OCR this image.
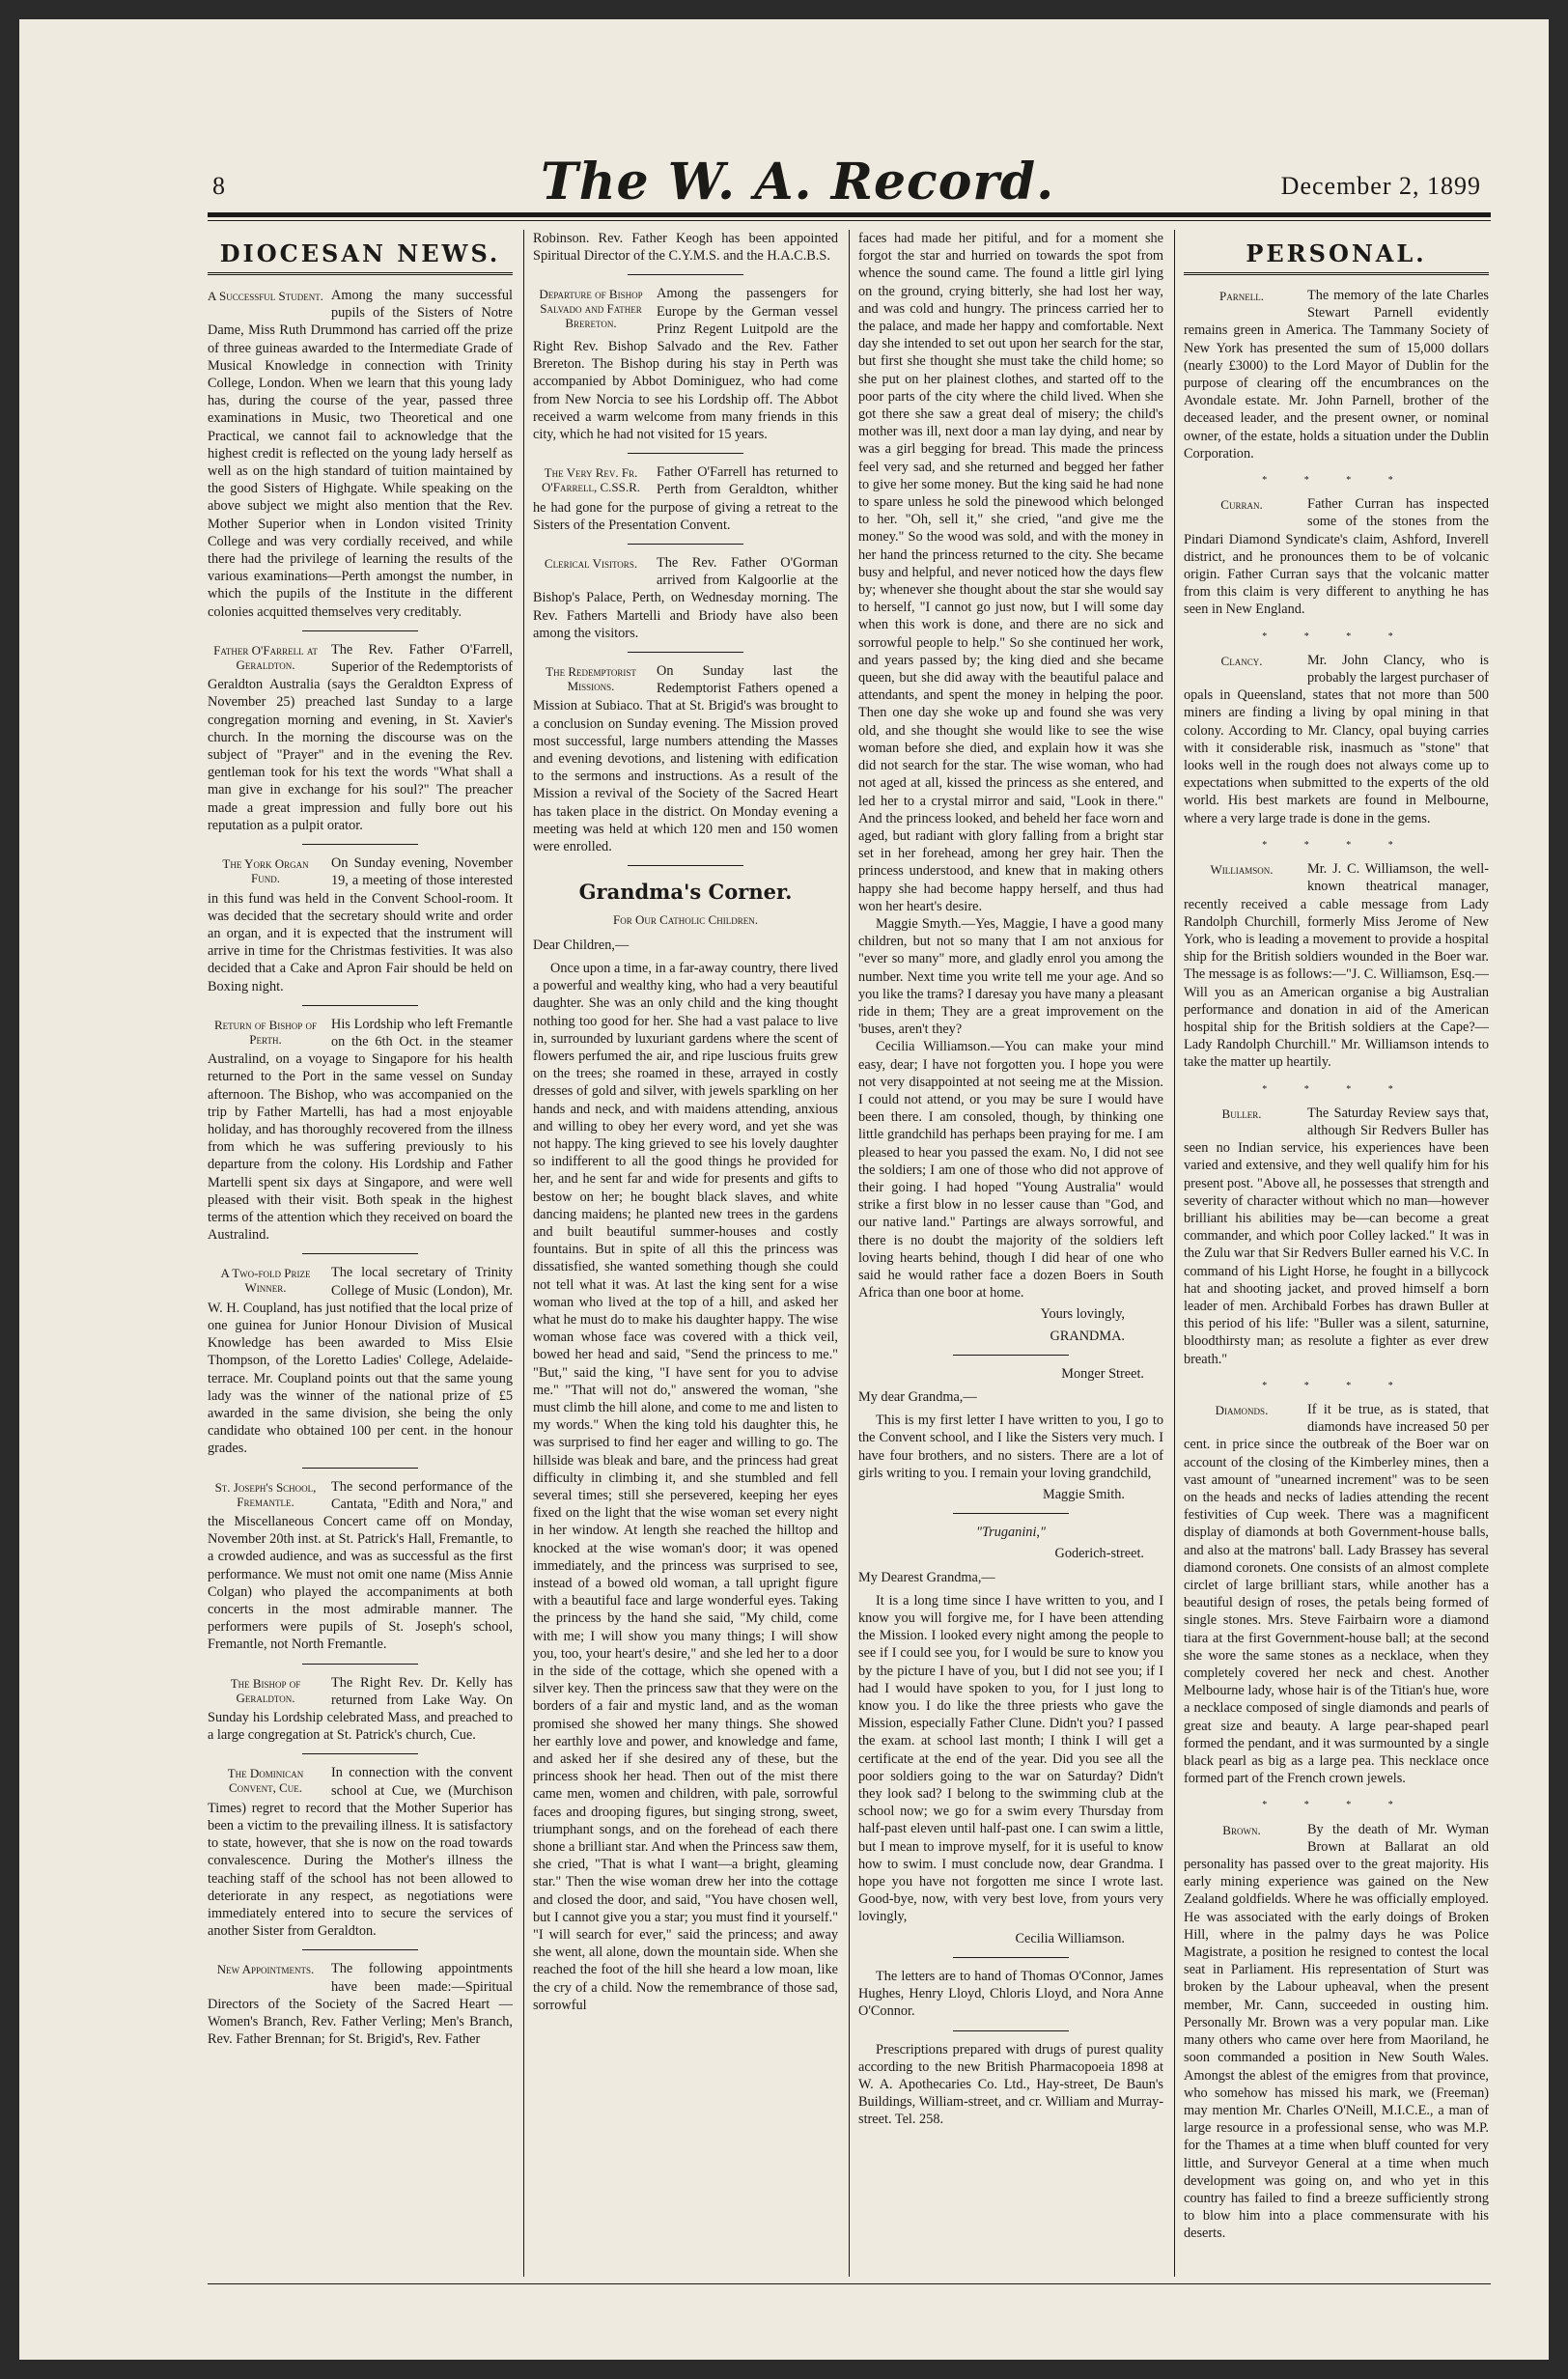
8	The W. A. Record.	December 2, 1899
DIOCESAN NEWS.
A Successful Student. Among the many successful pupils of the Sisters of Notre Dame, Miss Ruth Drummond has carried off the prize of three guineas awarded to the Intermediate Grade of Musical Knowledge in connection with Trinity College, London. When we learn that this young lady has, during the course of the year, passed three examinations in Music, two Theoretical and one Practical, we cannot fail to acknowledge that the highest credit is reflected on the young lady herself as well as on the high standard of tuition maintained by the good Sisters of Highgate. While speaking on the above subject we might also mention that the Rev. Mother Superior when in London visited Trinity College and was very cordially received, and while there had the privilege of learning the results of the various examinations—Perth amongst the number, in which the pupils of the Institute in the different colonies acquitted themselves very creditably.

Father O'Farrell at Geraldton.

The Rev. Father O'Farrell, Superior of the Redemptorists of Geraldton Australia (says the Geraldton Express of November 25) preached last Sunday to a large congregation morning and evening, in St. Xavier's church. In the morning the discourse was on the subject of "Prayer" and in the evening the Rev. gentleman took for his text the words "What shall a man give in exchange for his soul?" The preacher made a great impression and fully bore out his reputation as a pulpit orator.

The York Organ Fund.

On Sunday evening, November 19, a meeting of those interested in this fund was held in the Convent School-room. It was decided that the secretary should write and order an organ, and it is expected that the instrument will arrive in time for the Christmas festivities. It was also decided that a Cake and Apron Fair should be held on Boxing night.

Return of Bishop of Perth.

His Lordship who left Fremantle on the 6th Oct. in the steamer Australind, on a voyage to Singapore for his health returned to the Port in the same vessel on Sunday afternoon. The Bishop, who was accompanied on the trip by Father Martelli, has had a most enjoyable holiday, and has thoroughly recovered from the illness from which he was suffering previously to his departure from the colony. His Lordship and Father Martelli spent six days at Singapore, and were well pleased with their visit. Both speak in the highest terms of the attention which they received on board the Australind.

A Two-fold Prize Winner.

The local secretary of Trinity College of Music (London), Mr. W. H. Coupland, has just notified that the local prize of one guinea for Junior Honour Division of Musical Knowledge has been awarded to Miss Elsie Thompson, of the Loretto Ladies' College, Adelaide-terrace. Mr. Coupland points out that the same young lady was the winner of the national prize of £5 awarded in the same division, she being the only candidate who obtained 100 per cent. in the honour grades.

St. Joseph's School, Fremantle.

The second performance of the Cantata, "Edith and Nora," and the Miscellaneous Concert came off on Monday, November 20th inst. at St. Patrick's Hall, Fremantle, to a crowded audience, and was as successful as the first performance. We must not omit one name (Miss Annie Colgan) who played the accompaniments at both concerts in the most admirable manner. The performers were pupils of St. Joseph's school, Fremantle, not North Fremantle.

The Bishop of Geraldton.

The Right Rev. Dr. Kelly has returned from Lake Way. On Sunday his Lordship celebrated Mass, and preached to a large congregation at St. Patrick's church, Cue.

The Dominican Convent, Cue.

In connection with the convent school at Cue, we (Murchison Times) regret to record that the Mother Superior has been a victim to the prevailing illness. It is satisfactory to state, however, that she is now on the road towards convalescence. During the Mother's illness the teaching staff of the school has not been allowed to deteriorate in any respect, as negotiations were immediately entered into to secure the services of another Sister from Geraldton.

New Appointments.	The following appointments have been made:—Spiritual Directors of the Society of the Sacred Heart — Women's Branch, Rev. Father Verling; Men's Branch, Rev. Father Brennan; for St. Brigid's, Rev. Father

Robinson. Rev. Father Keogh has been appointed Spiritual Director of the C.Y.M.S. and the H.A.C.B.S.

Departure of Bishop Salvado and Father Brereton.

Among the passengers for Europe by the German vessel Prinz Regent Luitpold are the Right Rev. Bishop Salvado and the Rev. Father Brereton. The Bishop during his stay in Perth was accompanied by Abbot Dominiguez, who had come from New Norcia to see his Lordship off. The Abbot received a warm welcome from many friends in this city, which he had not visited for 15 years.

The Very Rev. Fr. O'Farrell, C.SS.R.

Father O'Farrell has returned to Perth from Geraldton, whither he had gone for the purpose of giving a retreat to the Sisters of the Presentation Convent.

Clerical Visitors.	The Rev. Father O'Gorman arrived from Kalgoorlie at the Bishop's Palace, Perth, on Wednesday morning. The Rev. Fathers Martelli and Briody have also been among the visitors.

The Redemptorist Missions.

On Sunday last the Redemptorist Fathers opened a Mission at Subiaco. That at St. Brigid's was brought to a conclusion on Sunday evening. The Mission proved most successful, large numbers attending the Masses and evening devotions, and listening with edification to the sermons and instructions. As a result of the Mission a revival of the Society of the Sacred Heart has taken place in the district. On Monday evening a meeting was held at which 120 men and 150 women were enrolled.

Grandma's Corner.
For Our Catholic Children.
Dear Children,—

Once upon a time, in a far-away country, there lived a powerful and wealthy king, who had a very beautiful daughter. She was an only child and the king thought nothing too good for her. She had a vast palace to live in, surrounded by luxuriant gardens where the scent of flowers perfumed the air, and ripe luscious fruits grew on the trees; she roamed in these, arrayed in costly dresses of gold and silver, with jewels sparkling on her hands and neck, and with maidens attending, anxious and willing to obey her every word, and yet she was not happy. The king grieved to see his lovely daughter so indifferent to all the good things he provided for her, and he sent far and wide for presents and gifts to bestow on her; he bought black slaves, and white dancing maidens; he planted new trees in the gardens and built beautiful summer-houses and costly fountains. But in spite of all this the princess was dissatisfied, she wanted something though she could not tell what it was. At last the king sent for a wise woman who lived at the top of a hill, and asked her what he must do to make his daughter happy. The wise woman whose face was covered with a thick veil, bowed her head and said, "Send the princess to me." "But," said the king, "I have sent for you to advise me." "That will not do," answered the woman, "she must climb the hill alone, and come to me and listen to my words." When the king told his daughter this, he was surprised to find her eager and willing to go. The hillside was bleak and bare, and the princess had great difficulty in climbing it, and she stumbled and fell several times; still she persevered, keeping her eyes fixed on the light that the wise woman set every night in her window. At length she reached the hilltop and knocked at the wise woman's door; it was opened immediately, and the princess was surprised to see, instead of a bowed old woman, a tall upright figure with a beautiful face and large wonderful eyes. Taking the princess by the hand she said, "My child, come with me; I will show you many things; I will show you, too, your heart's desire," and she led her to a door in the side of the cottage, which she opened with a silver key. Then the princess saw that they were on the borders of a fair and mystic land, and as the woman promised she showed her many things. She showed her earthly love and power, and knowledge and fame, and asked her if she desired any of these, but the princess shook her head. Then out of the mist there came men, women and children, with pale, sorrowful faces and drooping figures, but singing strong, sweet, triumphant songs, and on the forehead of each there shone a brilliant star. And when the Princess saw them, she cried, "That is what I want—a bright, gleaming star." Then the wise woman drew her into the cottage and closed the door, and said, "You have chosen well, but I cannot give you a star; you must find it yourself." "I will search for ever," said the princess; and away she went, all alone, down the mountain side. When she reached the foot of the hill she heard a low moan, like the cry of a child. Now the remembrance of those sad, sorrowful

faces had made her pitiful, and for a moment she forgot the star and hurried on towards the spot from whence the sound came. The found a little girl lying on the ground, crying bitterly, she had lost her way, and was cold and hungry. The princess carried her to the palace, and made her happy and comfortable. Next day she intended to set out upon her search for the star, but first she thought she must take the child home; so she put on her plainest clothes, and started off to the poor parts of the city where the child lived. When she got there she saw a great deal of misery; the child's mother was ill, next door a man lay dying, and near by was a girl begging for bread. This made the princess feel very sad, and she returned and begged her father to give her some money. But the king said he had none to spare unless he sold the pinewood which belonged to her. "Oh, sell it," she cried, "and give me the money." So the wood was sold, and with the money in her hand the princess returned to the city. She became busy and helpful, and never noticed how the days flew by; whenever she thought about the star she would say to herself, "I cannot go just now, but I will some day when this work is done, and there are no sick and sorrowful people to help." So she continued her work, and years passed by; the king died and she became queen, but she did away with the beautiful palace and attendants, and spent the money in helping the poor. Then one day she woke up and found she was very old, and she thought she would like to see the wise woman before she died, and explain how it was she did not search for the star. The wise woman, who had not aged at all, kissed the princess as she entered, and led her to a crystal mirror and said, "Look in there." And the princess looked, and beheld her face worn and aged, but radiant with glory falling from a bright star set in her forehead, among her grey hair. Then the princess understood, and knew that in making others happy she had become happy herself, and thus had won her heart's desire.

Maggie Smyth.—Yes, Maggie, I have a good many children, but not so many that I am not anxious for "ever so many" more, and gladly enrol you among the number. Next time you write tell me your age. And so you like the trams? I daresay you have many a pleasant ride in them; They are a great improvement on the 'buses, aren't they?

Cecilia Williamson.—You can make your mind easy, dear; I have not forgotten you. I hope you were not very disappointed at not seeing me at the Mission. I could not attend, or you may be sure I would have been there. I am consoled, though, by thinking one little grandchild has perhaps been praying for me. I am pleased to hear you passed the exam. No, I did not see the soldiers; I am one of those who did not approve of their going. I had hoped "Young Australia" would strike a first blow in no lesser cause than "God, and our native land." Partings are always sorrowful, and there is no doubt the majority of the soldiers left loving hearts behind, though I did hear of one who said he would rather face a dozen Boers in South Africa than one boor at home.

Yours lovingly,
GRANDMA.
Monger Street.
My dear Grandma,—

This is my first letter I have written to you, I go to the Convent school, and I like the Sisters very much. I have four brothers, and no sisters. There are a lot of girls writing to you. I remain your loving grandchild,

Maggie Smith.
"Truganini,"
Goderich-street.
My Dearest Grandma,—

It is a long time since I have written to you, and I know you will forgive me, for I have been attending the Mission. I looked every night among the people to see if I could see you, for I would be sure to know you by the picture I have of you, but I did not see you; if I had I would have spoken to you, for I just long to know you. I do like the three priests who gave the Mission, especially Father Clune. Didn't you? I passed the exam. at school last month; I think I will get a certificate at the end of the year. Did you see all the poor soldiers going to the war on Saturday? Didn't they look sad? I belong to the swimming club at the school now; we go for a swim every Thursday from half-past eleven until half-past one. I can swim a little, but I mean to improve myself, for it is useful to know how to swim. I must conclude now, dear Grandma. I hope you have not forgotten me since I wrote last. Good-bye, now, with very best love, from yours very lovingly,

Cecilia Williamson.

The letters are to hand of Thomas O'Connor, James Hughes, Henry Lloyd, Chloris Lloyd, and Nora Anne O'Connor.

Prescriptions prepared with drugs of purest quality according to the new British Pharmacopoeia 1898 at W. A. Apothecaries Co. Ltd., Hay-street, De Baun's Buildings, William-street, and cr. William and Murray-street. Tel. 258.

PERSONAL.
Parnell.	The memory of the late Charles Stewart Parnell evidently remains green in America. The Tammany Society of New York has presented the sum of 15,000 dollars (nearly £3000) to the Lord Mayor of Dublin for the purpose of clearing off the encumbrances on the Avondale estate. Mr. John Parnell, brother of the deceased leader, and the present owner, or nominal owner, of the estate, holds a situation under the Dublin Corporation.

* * * *
Curran.	Father Curran has inspected some of the stones from the Pindari Diamond Syndicate's claim, Ashford, Inverell district, and he pronounces them to be of volcanic origin. Father Curran says that the volcanic matter from this claim is very different to anything he has seen in New England.

* * * *
Clancy.	Mr. John Clancy, who is probably the largest purchaser of opals in Queensland, states that not more than 500 miners are finding a living by opal mining in that colony. According to Mr. Clancy, opal buying carries with it considerable risk, inasmuch as "stone" that looks well in the rough does not always come up to expectations when submitted to the experts of the old world. His best markets are found in Melbourne, where a very large trade is done in the gems.

* * * *
Williamson.	Mr. J. C. Williamson, the well-known theatrical manager, recently received a cable message from Lady Randolph Churchill, formerly Miss Jerome of New York, who is leading a movement to provide a hospital ship for the British soldiers wounded in the Boer war. The message is as follows:—"J. C. Williamson, Esq.—Will you as an American organise a big Australian performance and donation in aid of the American hospital ship for the British soldiers at the Cape?—Lady Randolph Churchill." Mr. Williamson intends to take the matter up heartily.

* * * *
Buller.	The Saturday Review says that, although Sir Redvers Buller has seen no Indian service, his experiences have been varied and extensive, and they well qualify him for his present post. "Above all, he possesses that strength and severity of character without which no man—however brilliant his abilities may be—can become a great commander, and which poor Colley lacked." It was in the Zulu war that Sir Redvers Buller earned his V.C. In command of his Light Horse, he fought in a billycock hat and shooting jacket, and proved himself a born leader of men. Archibald Forbes has drawn Buller at this period of his life: "Buller was a silent, saturnine, bloodthirsty man; as resolute a fighter as ever drew breath."

* * * *
Diamonds.	If it be true, as is stated, that diamonds have increased 50 per cent. in price since the outbreak of the Boer war on account of the closing of the Kimberley mines, then a vast amount of "unearned increment" was to be seen on the heads and necks of ladies attending the recent festivities of Cup week. There was a magnificent display of diamonds at both Government-house balls, and also at the matrons' ball. Lady Brassey has several diamond coronets. One consists of an almost complete circlet of large brilliant stars, while another has a beautiful design of roses, the petals being formed of single stones. Mrs. Steve Fairbairn wore a diamond tiara at the first Government-house ball; at the second she wore the same stones as a necklace, when they completely covered her neck and chest. Another Melbourne lady, whose hair is of the Titian's hue, wore a necklace composed of single diamonds and pearls of great size and beauty. A large pear-shaped pearl formed the pendant, and it was surmounted by a single black pearl as big as a large pea. This necklace once formed part of the French crown jewels.

* * * *
Brown.	By the death of Mr. Wyman Brown at Ballarat an old personality has passed over to the great majority. His early mining experience was gained on the New Zealand goldfields. Where he was officially employed. He was associated with the early doings of Broken Hill, where in the palmy days he was Police Magistrate, a position he resigned to contest the local seat in Parliament. His representation of Sturt was broken by the Labour upheaval, when the present member, Mr. Cann, succeeded in ousting him. Personally Mr. Brown was a very popular man. Like many others who came over here from Maoriland, he soon commanded a position in New South Wales. Amongst the ablest of the emigres from that province, who somehow has missed his mark, we (Freeman) may mention Mr. Charles O'Neill, M.I.C.E., a man of large resource in a professional sense, who was M.P. for the Thames at a time when bluff counted for very little, and Surveyor General at a time when much development was going on, and who yet in this country has failed to find a breeze sufficiently strong to blow him into a place commensurate with his deserts.
